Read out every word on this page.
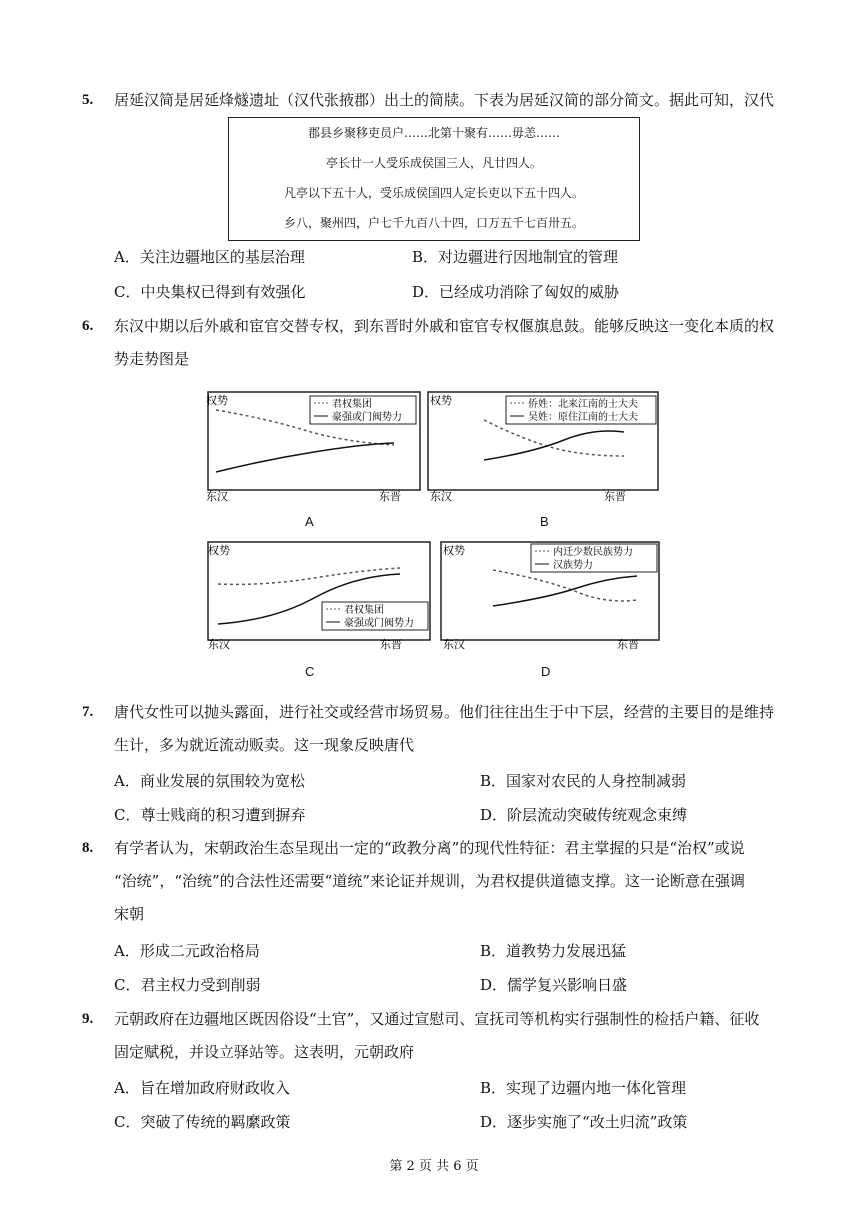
5.	居延汉简是居延烽燧遗址（汉代张掖郡）出土的简牍。下表为居延汉简的部分简文。据此可知，汉代
郡县乡聚移吏员户……北第十聚有……毋恙……
亭长廿一人受乐成侯国三人，凡廿四人。
凡亭以下五十人，受乐成侯国四人定长吏以下五十四人。
乡八，聚州四，户七千九百八十四，口万五千七百卅五。
A．关注边疆地区的基层治理	B．对边疆进行因地制宜的管理
C．中央集权已得到有效强化	D．已经成功消除了匈奴的威胁
6.	东汉中期以后外戚和宦官交替专权，到东晋时外戚和宦官专权偃旗息鼓。能够反映这一变化本质的权
势走势图是
君权集团
豪强或门阀势力
权势
东汉	东晋
A
侨姓：北来江南的士大夫
吴姓：原住江南的士大夫
权势
东汉	东晋
B
君权集团
豪强或门阀势力
权势
东汉	东晋
C
内迁少数民族势力
汉族势力
权势
东汉	东晋
D
7.	唐代女性可以抛头露面，进行社交或经营市场贸易。他们往往出生于中下层，经营的主要目的是维持
生计，多为就近流动贩卖。这一现象反映唐代
A．商业发展的氛围较为宽松	B．国家对农民的人身控制减弱
C．尊士贱商的积习遭到摒弃	D．阶层流动突破传统观念束缚
8.	有学者认为，宋朝政治生态呈现出一定的“政教分离”的现代性特征：君主掌握的只是“治权”或说
“治统”，“治统”的合法性还需要“道统”来论证并规训，为君权提供道德支撑。这一论断意在强调
宋朝
A．形成二元政治格局	B．道教势力发展迅猛
C．君主权力受到削弱	D．儒学复兴影响日盛
9.	元朝政府在边疆地区既因俗设“土官”，又通过宣慰司、宣抚司等机构实行强制性的检括户籍、征收
固定赋税，并设立驿站等。这表明，元朝政府
A．旨在增加政府财政收入	B．实现了边疆内地一体化管理
C．突破了传统的羁縻政策	D．逐步实施了“改土归流”政策
第 2 页 共 6 页
